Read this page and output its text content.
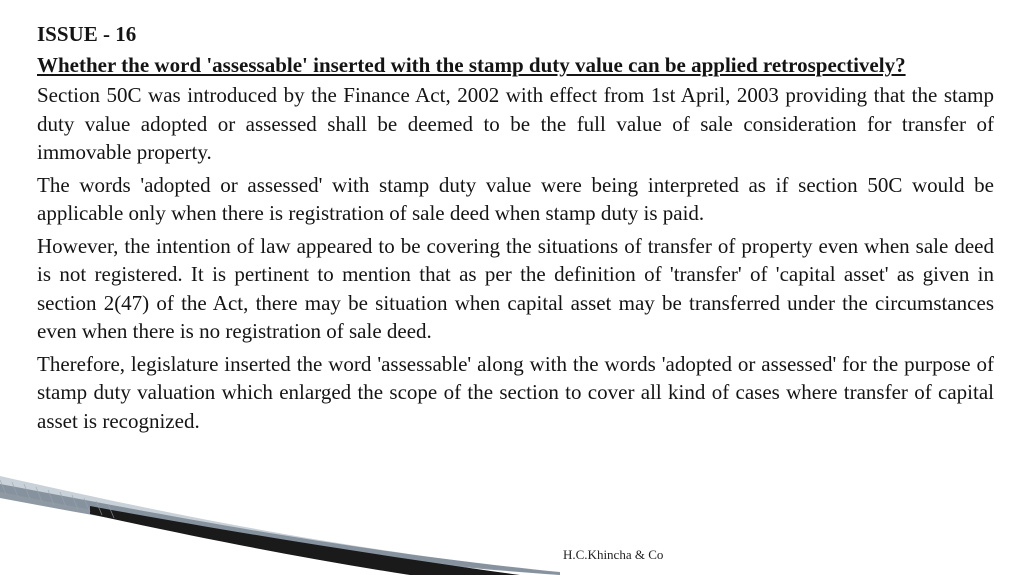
ISSUE - 16
Whether the word 'assessable' inserted with the stamp duty value can be applied retrospectively?

Section 50C was introduced by the Finance Act, 2002 with effect from 1st April, 2003 providing that the stamp duty value adopted or assessed shall be deemed to be the full value of sale consideration for transfer of immovable property.

The words 'adopted or assessed' with stamp duty value were being interpreted as if section 50C would be applicable only when there is registration of sale deed when stamp duty is paid.

However, the intention of law appeared to be covering the situations of transfer of property even when sale deed is not registered. It is pertinent to mention that as per the definition of 'transfer' of 'capital asset' as given in section 2(47) of the Act, there may be situation when capital asset may be transferred under the circumstances even when there is no registration of sale deed.

Therefore, legislature inserted the word 'assessable' along with the words 'adopted or assessed' for the purpose of stamp duty valuation which enlarged the scope of the section to cover all kind of cases where transfer of capital asset is recognized.

H.C.Khincha & Co
